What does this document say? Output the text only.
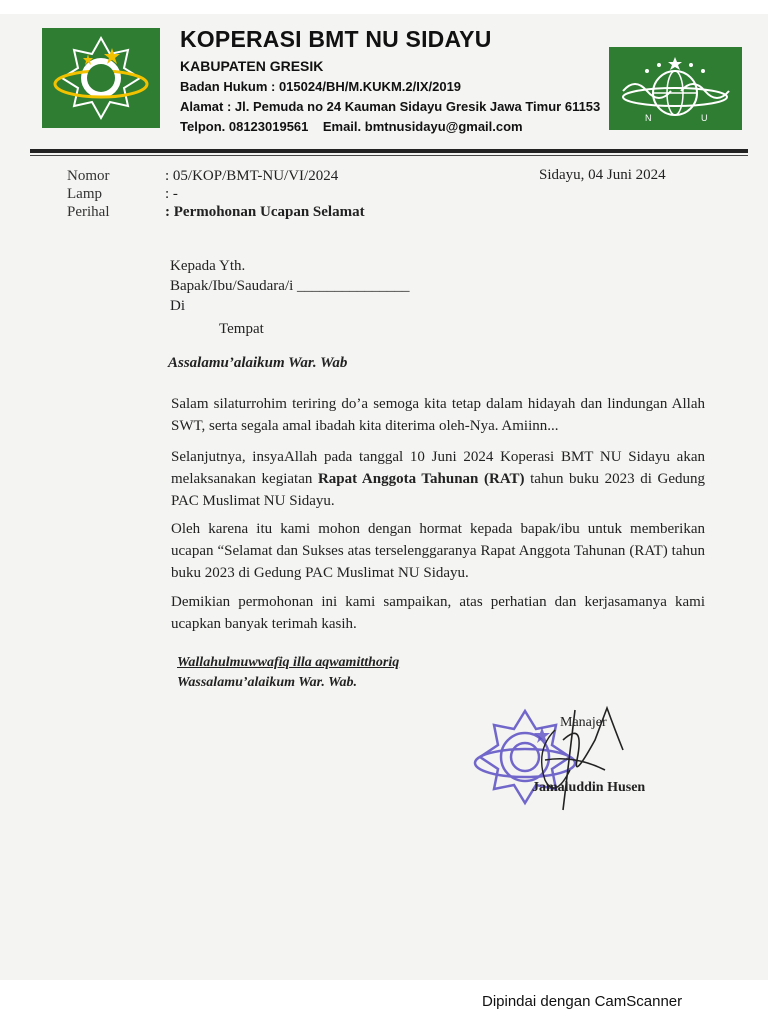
N	U
KOPERASI BMT NU SIDAYU
KABUPATEN GRESIK
Badan Hukum : 015024/BH/M.KUKM.2/IX/2019
Alamat : Jl. Pemuda no 24 Kauman Sidayu Gresik Jawa Timur 61153
Telpon. 08123019561    Email. bmtnusidayu@gmail.com
Nomor	: 05/KOP/BMT-NU/VI/2024
Lamp	: -
Perihal	: Permohonan Ucapan Selamat
Sidayu, 04 Juni 2024
Kepada Yth.
Bapak/Ibu/Saudara/i _______________
Di
Tempat
Assalamu’alaikum War. Wab
Salam silaturrohim teriring do’a semoga kita tetap dalam hidayah dan lindungan Allah SWT, serta segala amal ibadah kita diterima oleh-Nya. Amiinn...
Selanjutnya, insyaAllah pada tanggal 10 Juni 2024 Koperasi BMT NU Sidayu akan melaksanakan kegiatan Rapat Anggota Tahunan (RAT) tahun buku 2023 di Gedung PAC Muslimat NU Sidayu.
Oleh karena itu kami mohon dengan hormat kepada bapak/ibu untuk memberikan ucapan “Selamat dan Sukses atas terselenggaranya Rapat Anggota Tahunan (RAT) tahun buku 2023 di Gedung PAC Muslimat NU Sidayu.
Demikian permohonan ini kami sampaikan, atas perhatian dan kerjasamanya kami ucapkan banyak terimah kasih.
Wallahulmuwwafiq illa aqwamitthoriq
Wassalamu’alaikum War. Wab.
Manajer
Jamaluddin Husen
Dipindai dengan CamScanner
